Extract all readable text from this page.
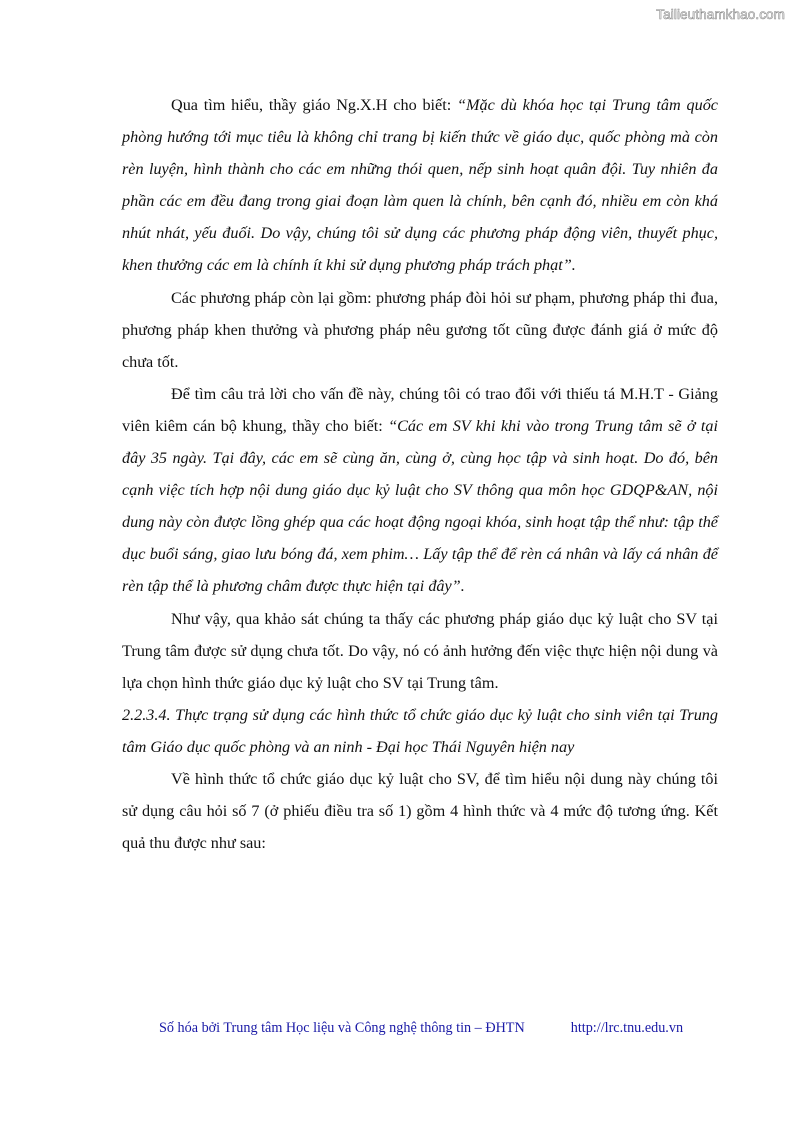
Tailieuthamkhao.com

Qua tìm hiểu, thầy giáo Ng.X.H cho biết: “Mặc dù khóa học tại Trung tâm quốc phòng hướng tới mục tiêu là không chỉ trang bị kiến thức về giáo dục, quốc phòng mà còn rèn luyện, hình thành cho các em những thói quen, nếp sinh hoạt quân đội. Tuy nhiên đa phần các em đều đang trong giai đoạn làm quen là chính, bên cạnh đó, nhiều em còn khá nhút nhát, yếu đuối. Do vậy, chúng tôi sử dụng các phương pháp động viên, thuyết phục, khen thưởng các em là chính ít khi sử dụng phương pháp trách phạt”.

Các phương pháp còn lại gồm: phương pháp đòi hỏi sư phạm, phương pháp thi đua, phương pháp khen thưởng và phương pháp nêu gương tốt cũng được đánh giá ở mức độ chưa tốt.

Để tìm câu trả lời cho vấn đề này, chúng tôi có trao đổi với thiếu tá M.H.T - Giảng viên kiêm cán bộ khung, thầy cho biết: “Các em SV khi khi vào trong Trung tâm sẽ ở tại đây 35 ngày. Tại đây, các em sẽ cùng ăn, cùng ở, cùng học tập và sinh hoạt. Do đó, bên cạnh việc tích hợp nội dung giáo dục kỷ luật cho SV thông qua môn học GDQP&AN, nội dung này còn được lồng ghép qua các hoạt động ngoại khóa, sinh hoạt tập thể như: tập thể dục buổi sáng, giao lưu bóng đá, xem phim… Lấy tập thể để rèn cá nhân và lấy cá nhân để rèn tập thể là phương châm được thực hiện tại đây”.

Như vậy, qua khảo sát chúng ta thấy các phương pháp giáo dục kỷ luật cho SV tại Trung tâm được sử dụng chưa tốt. Do vậy, nó có ảnh hưởng đến việc thực hiện nội dung và lựa chọn hình thức giáo dục kỷ luật cho SV tại Trung tâm.

2.2.3.4. Thực trạng sử dụng các hình thức tổ chức giáo dục kỷ luật cho sinh viên tại Trung tâm Giáo dục quốc phòng và an ninh - Đại học Thái Nguyên hiện nay

Về hình thức tổ chức giáo dục kỷ luật cho SV, để tìm hiểu nội dung này chúng tôi sử dụng câu hỏi số 7 (ở phiếu điều tra số 1) gồm 4 hình thức và 4 mức độ tương ứng. Kết quả thu được như sau:

Số hóa bởi Trung tâm Học liệu và Công nghệ thông tin – ĐHTN	http://lrc.tnu.edu.vn
